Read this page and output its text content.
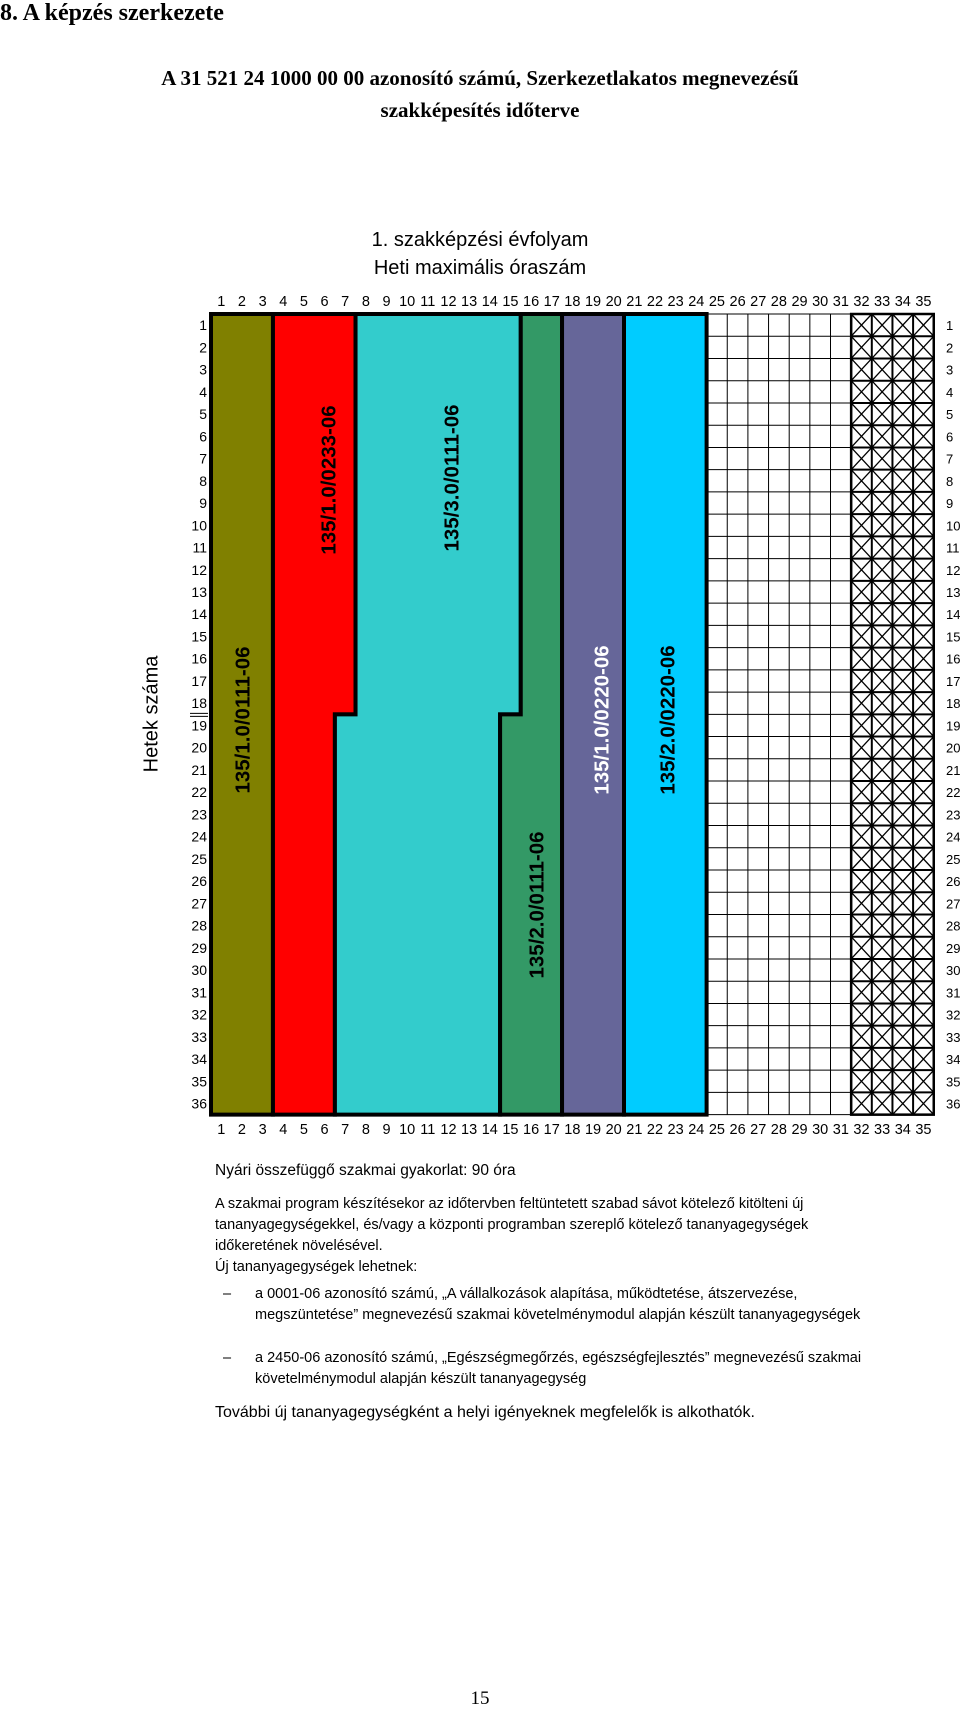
8. A képzés szerkezete
A 31 521 24 1000 00 00 azonosító számú, Szerkezetlakatos megnevezésű
szakképesítés időterve
1. szakképzési évfolyam
Heti maximális óraszám
135/1.0/0111-06
135/1.0/0233-06	135/3.0/0111-06
135/2.0/0111-06
135/1.0/0220-06 135/2.0/0220-06
1
1
2
2
3
3
4
4
5
5
6
6
7
7
8
8
9
9
10
10
11
11
12
12
13
13
14
14
15
15
16
16
17
17
18
18
19
19
20
20
21
21
22
22
23
23
24
24
25
25
26
26
27
27
28
28
29
29
30
30
31
31
32
32
33
33
34
34
35
35
1	1
2	2
3	3
4	4
5	5
6	6
7	7
8	8
9	9
10	10
11	11
12	12
13	13
14	14
15	15
16	16
17	17
18	18
19	19
20	20
21	21
22	22
23	23
24	24
25	25
26	26
27	27
28	28
29	29
30	30
31	31
32	32
33	33
34	34
35	35
36	36
Hetek száma

Nyári összefüggő szakmai gyakorlat: 90 óra

A szakmai program készítésekor az időtervben feltüntetett szabad sávot kötelező kitölteni új

tananyagegységekkel, és/vagy a központi programban szereplő kötelező tananyagegységek

időkeretének növelésével.

Új tananyagegységek lehetnek:

– a 0001-06 azonosító számú, „A vállalkozások alapítása, működtetése, átszervezése,

megszüntetése” megnevezésű szakmai követelménymodul alapján készült tananyagegységek

– a 2450-06 azonosító számú, „Egészségmegőrzés, egészségfejlesztés” megnevezésű szakmai

követelménymodul alapján készült tananyagegység

További új tananyagegységként a helyi igényeknek megfelelők is alkothatók.

15
